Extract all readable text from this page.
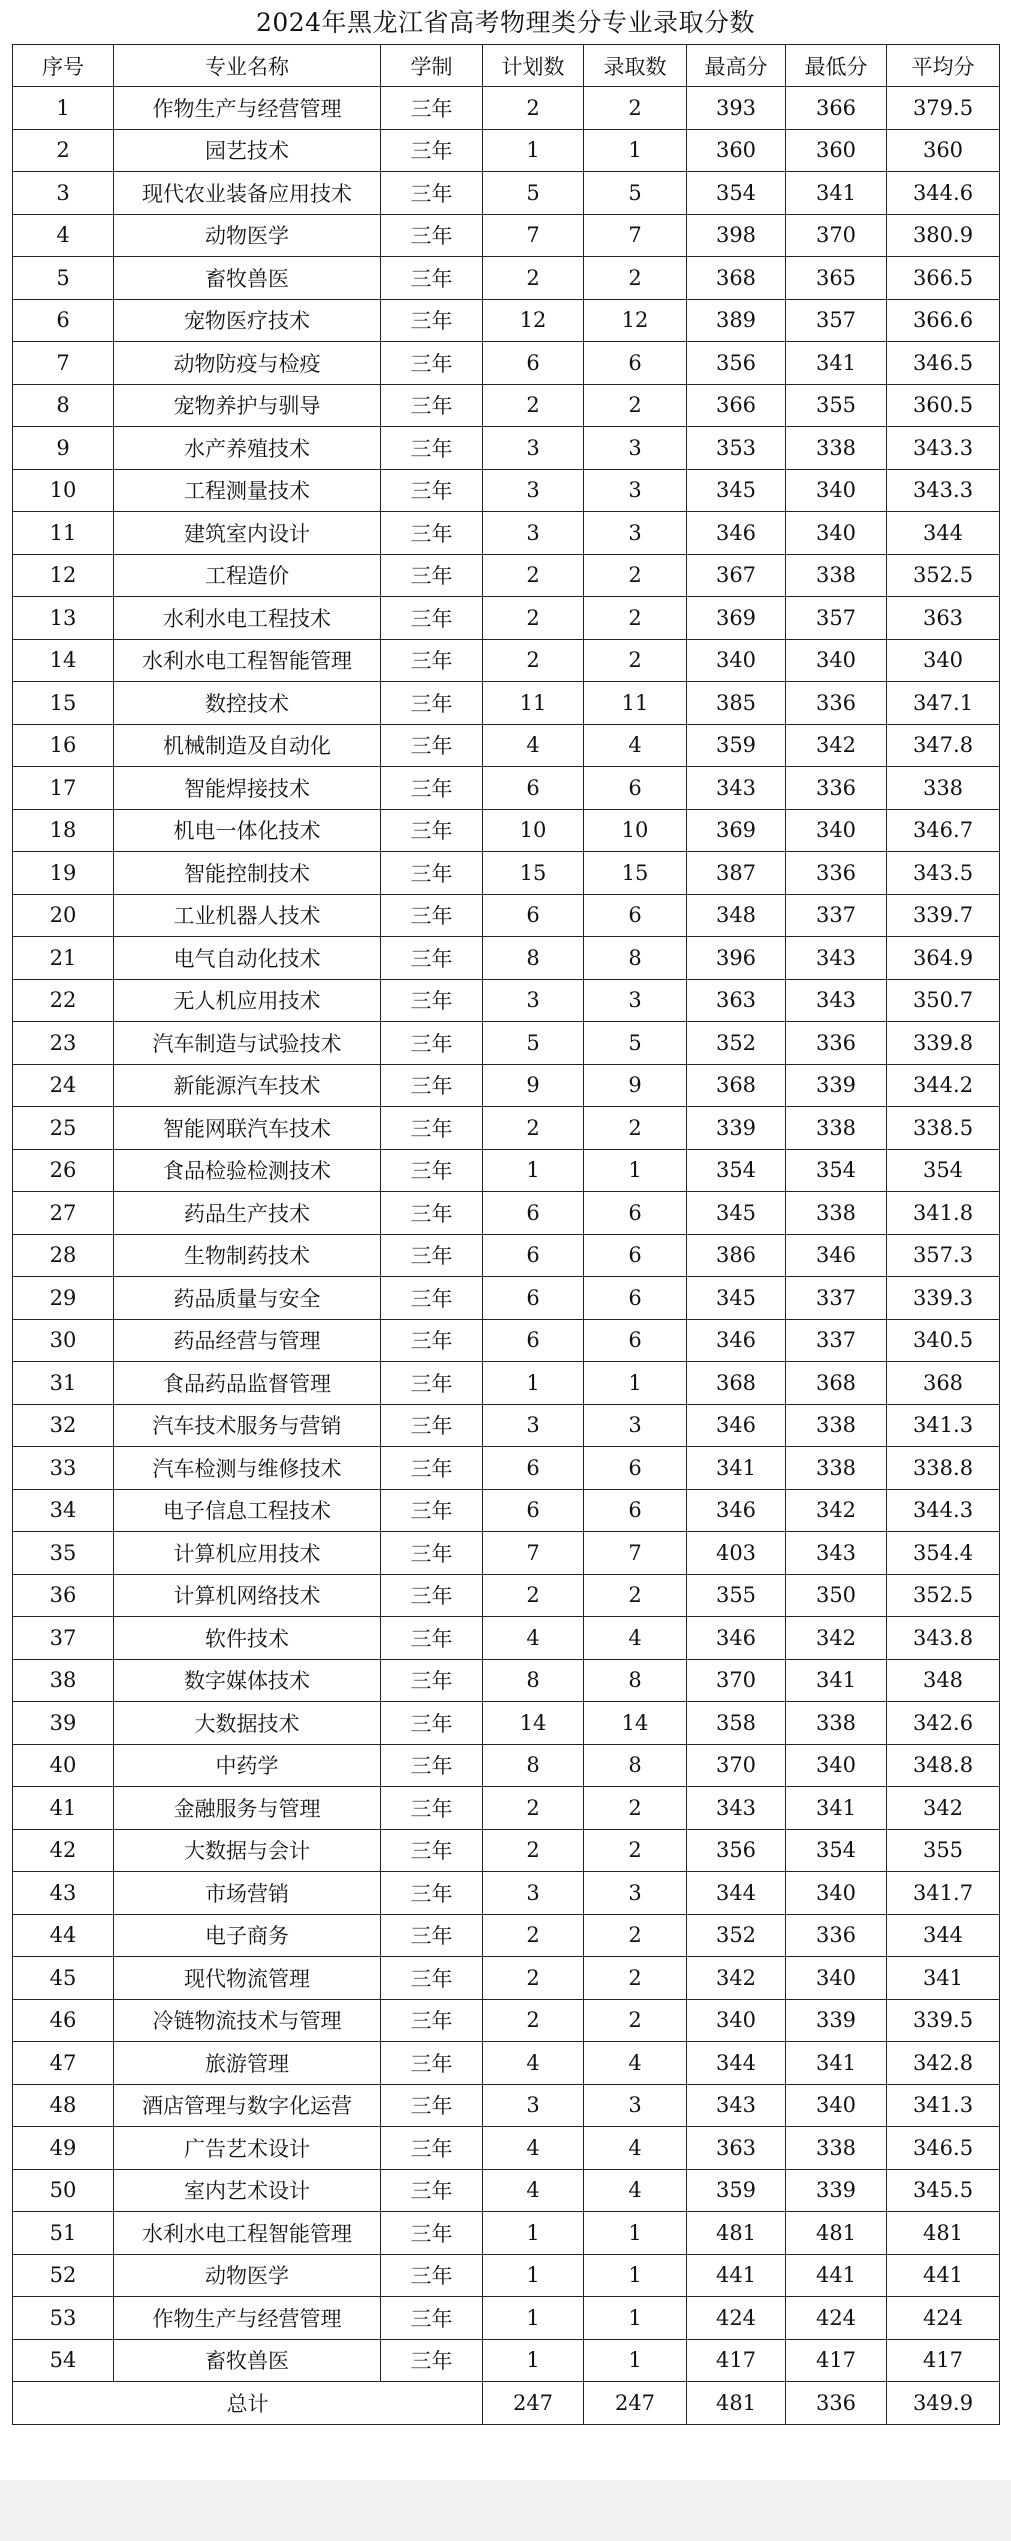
2024年黑龙江省高考物理类分专业录取分数
序号	专业名称	学制	计划数	录取数	最高分	最低分	平均分
1	作物生产与经营管理	三年	2	2	393	366	379.5
2	园艺技术	三年	1	1	360	360	360
3	现代农业装备应用技术	三年	5	5	354	341	344.6
4	动物医学	三年	7	7	398	370	380.9
5	畜牧兽医	三年	2	2	368	365	366.5
6	宠物医疗技术	三年	12	12	389	357	366.6
7	动物防疫与检疫	三年	6	6	356	341	346.5
8	宠物养护与驯导	三年	2	2	366	355	360.5
9	水产养殖技术	三年	3	3	353	338	343.3
10	工程测量技术	三年	3	3	345	340	343.3
11	建筑室内设计	三年	3	3	346	340	344
12	工程造价	三年	2	2	367	338	352.5
13	水利水电工程技术	三年	2	2	369	357	363
14	水利水电工程智能管理	三年	2	2	340	340	340
15	数控技术	三年	11	11	385	336	347.1
16	机械制造及自动化	三年	4	4	359	342	347.8
17	智能焊接技术	三年	6	6	343	336	338
18	机电一体化技术	三年	10	10	369	340	346.7
19	智能控制技术	三年	15	15	387	336	343.5
20	工业机器人技术	三年	6	6	348	337	339.7
21	电气自动化技术	三年	8	8	396	343	364.9
22	无人机应用技术	三年	3	3	363	343	350.7
23	汽车制造与试验技术	三年	5	5	352	336	339.8
24	新能源汽车技术	三年	9	9	368	339	344.2
25	智能网联汽车技术	三年	2	2	339	338	338.5
26	食品检验检测技术	三年	1	1	354	354	354
27	药品生产技术	三年	6	6	345	338	341.8
28	生物制药技术	三年	6	6	386	346	357.3
29	药品质量与安全	三年	6	6	345	337	339.3
30	药品经营与管理	三年	6	6	346	337	340.5
31	食品药品监督管理	三年	1	1	368	368	368
32	汽车技术服务与营销	三年	3	3	346	338	341.3
33	汽车检测与维修技术	三年	6	6	341	338	338.8
34	电子信息工程技术	三年	6	6	346	342	344.3
35	计算机应用技术	三年	7	7	403	343	354.4
36	计算机网络技术	三年	2	2	355	350	352.5
37	软件技术	三年	4	4	346	342	343.8
38	数字媒体技术	三年	8	8	370	341	348
39	大数据技术	三年	14	14	358	338	342.6
40	中药学	三年	8	8	370	340	348.8
41	金融服务与管理	三年	2	2	343	341	342
42	大数据与会计	三年	2	2	356	354	355
43	市场营销	三年	3	3	344	340	341.7
44	电子商务	三年	2	2	352	336	344
45	现代物流管理	三年	2	2	342	340	341
46	冷链物流技术与管理	三年	2	2	340	339	339.5
47	旅游管理	三年	4	4	344	341	342.8
48	酒店管理与数字化运营	三年	3	3	343	340	341.3
49	广告艺术设计	三年	4	4	363	338	346.5
50	室内艺术设计	三年	4	4	359	339	345.5
51	水利水电工程智能管理	三年	1	1	481	481	481
52	动物医学	三年	1	1	441	441	441
53	作物生产与经营管理	三年	1	1	424	424	424
54	畜牧兽医	三年	1	1	417	417	417
总计			247	247	481	336	349.9
